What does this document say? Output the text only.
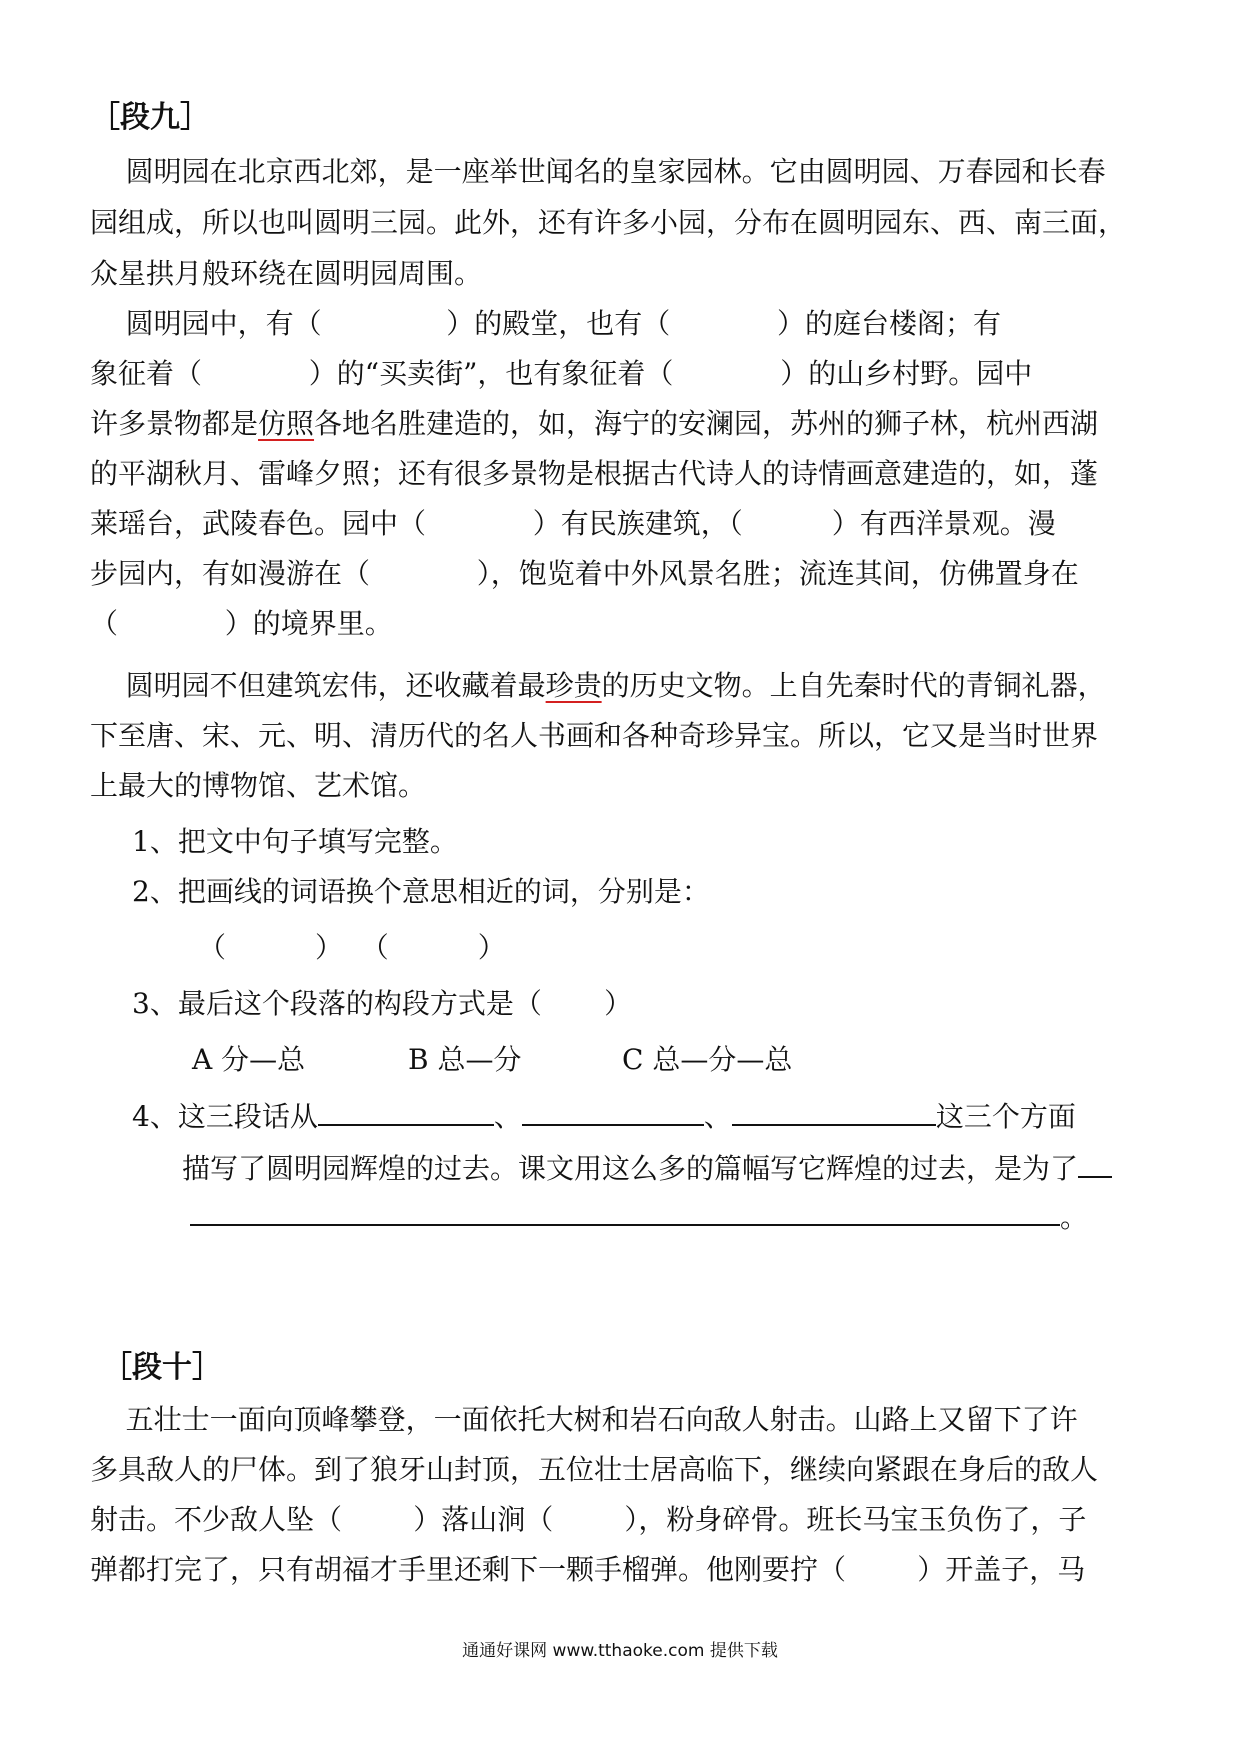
［段九］
圆明园在北京西北郊，是一座举世闻名的皇家园林。它由圆明园、万春园和长春
园组成，所以也叫圆明三园。此外，还有许多小园，分布在圆明园东、西、南三面，
众星拱月般环绕在圆明园周围。
圆明园中，有（              ）的殿堂，也有（            ）的庭台楼阁；有
象征着（            ）的“买卖街”，也有象征着（            ）的山乡村野。园中
许多景物都是仿照各地名胜建造的，如，海宁的安澜园，苏州的狮子林，杭州西湖
的平湖秋月、雷峰夕照；还有很多景物是根据古代诗人的诗情画意建造的，如，蓬
莱瑶台，武陵春色。园中（            ）有民族建筑，（          ）有西洋景观。漫
步园内，有如漫游在（            ），饱览着中外风景名胜；流连其间，仿佛置身在
（            ）的境界里。
圆明园不但建筑宏伟，还收藏着最珍贵的历史文物。上自先秦时代的青铜礼器，
下至唐、宋、元、明、清历代的名人书画和各种奇珍异宝。所以，它又是当时世界
上最大的博物馆、艺术馆。
1、把文中句子填写完整。
2、把画线的词语换个意思相近的词，分别是：
（          ）  （          ）
3、最后这个段落的构段方式是（       ）
A 分—总	B 总—分	C 总—分—总
4、这三段话从	、	、	这三个方面
描写了圆明园辉煌的过去。课文用这么多的篇幅写它辉煌的过去，是为了
。
［段十］
五壮士一面向顶峰攀登，一面依托大树和岩石向敌人射击。山路上又留下了许
多具敌人的尸体。到了狼牙山封顶，五位壮士居高临下，继续向紧跟在身后的敌人
射击。不少敌人坠（        ）落山涧（        ），粉身碎骨。班长马宝玉负伤了，子
弹都打完了，只有胡福才手里还剩下一颗手榴弹。他刚要拧（        ）开盖子，马
通通好课网 www.tthaoke.com 提供下载
